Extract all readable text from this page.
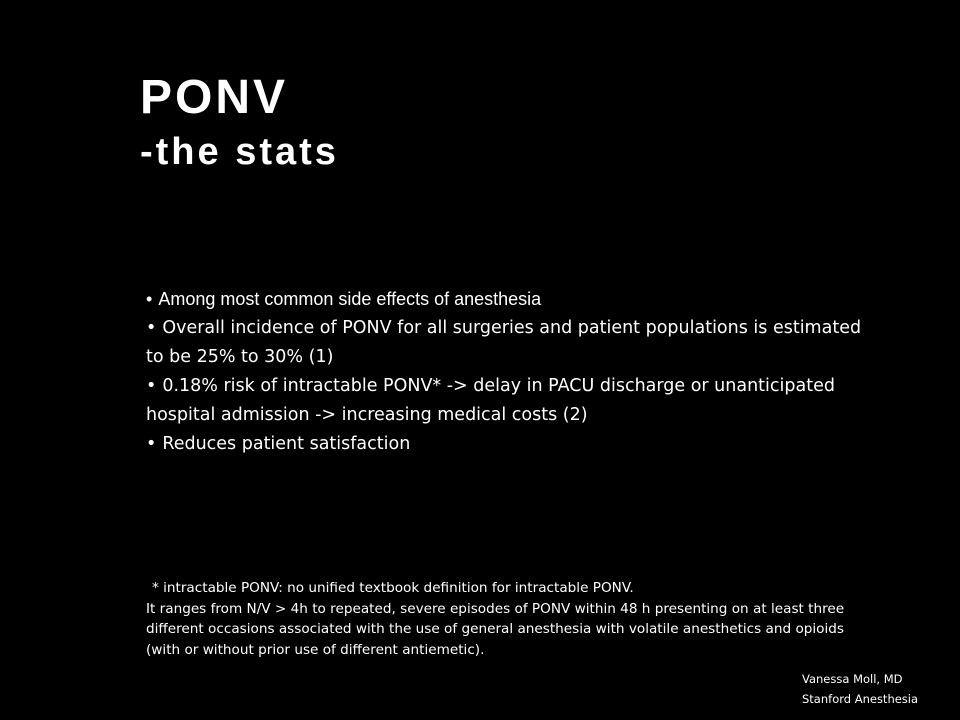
PONV
-the stats
• Among most common side effects of anesthesia
• Overall incidence of PONV for all surgeries and patient populations is estimated to be 25% to 30% (1)
• 0.18% risk of intractable PONV* -> delay in PACU discharge or unanticipated hospital admission -> increasing medical costs (2)
• Reduces patient satisfaction

* intractable PONV: no unified textbook definition for intractable PONV.

It ranges from N/V > 4h to repeated, severe episodes of PONV within 48 h presenting on at least three different occasions associated with the use of general anesthesia with volatile anesthetics and opioids (with or without prior use of different antiemetic).

Vanessa Moll, MD

Stanford Anesthesia
